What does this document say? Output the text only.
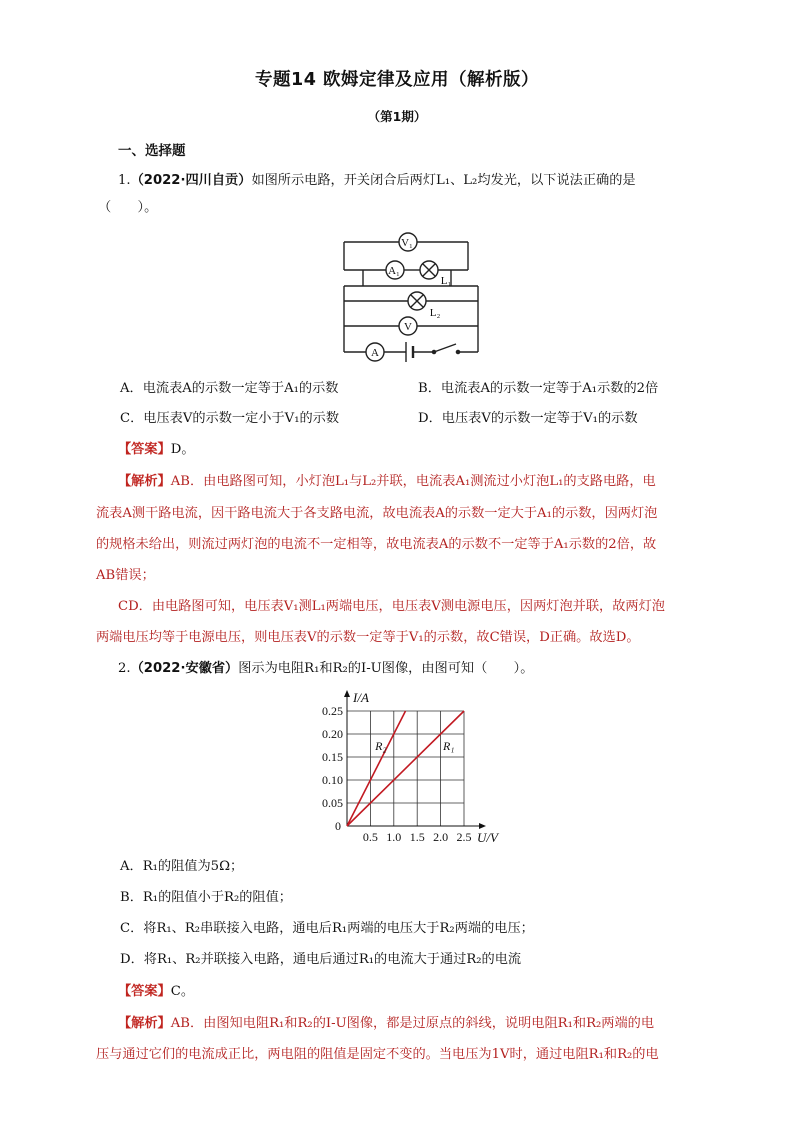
专题14 欧姆定律及应用（解析版）
（第1期）
一、选择题
1.（2022·四川自贡）如图所示电路，开关闭合后两灯L₁、L₂均发光，以下说法正确的是
（　　）。
V₁
A₁
L₁
L₂
V
A
A．电流表A的示数一定等于A₁的示数	B．电流表A的示数一定等于A₁示数的2倍
C．电压表V的示数一定小于V₁的示数	D．电压表V的示数一定等于V₁的示数
【答案】D。
【解析】AB．由电路图可知，小灯泡L₁与L₂并联，电流表A₁测流过小灯泡L₁的支路电路，电
流表A测干路电流，因干路电流大于各支路电流，故电流表A的示数一定大于A₁的示数，因两灯泡
的规格未给出，则流过两灯泡的电流不一定相等，故电流表A的示数不一定等于A₁示数的2倍，故
AB错误；
CD．由电路图可知，电压表V₁测L₁两端电压，电压表V测电源电压，因两灯泡并联，故两灯泡
两端电压均等于电源电压，则电压表V的示数一定等于V₁的示数，故C错误，D正确。故选D。
2.（2022·安徽省）图示为电阻R₁和R₂的I-U图像，由图可知（　　）。
0.5 1.0 1.5 2.0 2.5
0.25
0.20
0.15
0.10
0.05
0
U/V
I/A
R₁
R₂
A．R₁的阻值为5Ω；
B．R₁的阻值小于R₂的阻值；
C．将R₁、R₂串联接入电路，通电后R₁两端的电压大于R₂两端的电压；
D．将R₁、R₂并联接入电路，通电后通过R₁的电流大于通过R₂的电流
【答案】C。
【解析】AB．由图知电阻R₁和R₂的I-U图像，都是过原点的斜线，说明电阻R₁和R₂两端的电
压与通过它们的电流成正比，两电阻的阻值是固定不变的。当电压为1V时，通过电阻R₁和R₂的电
